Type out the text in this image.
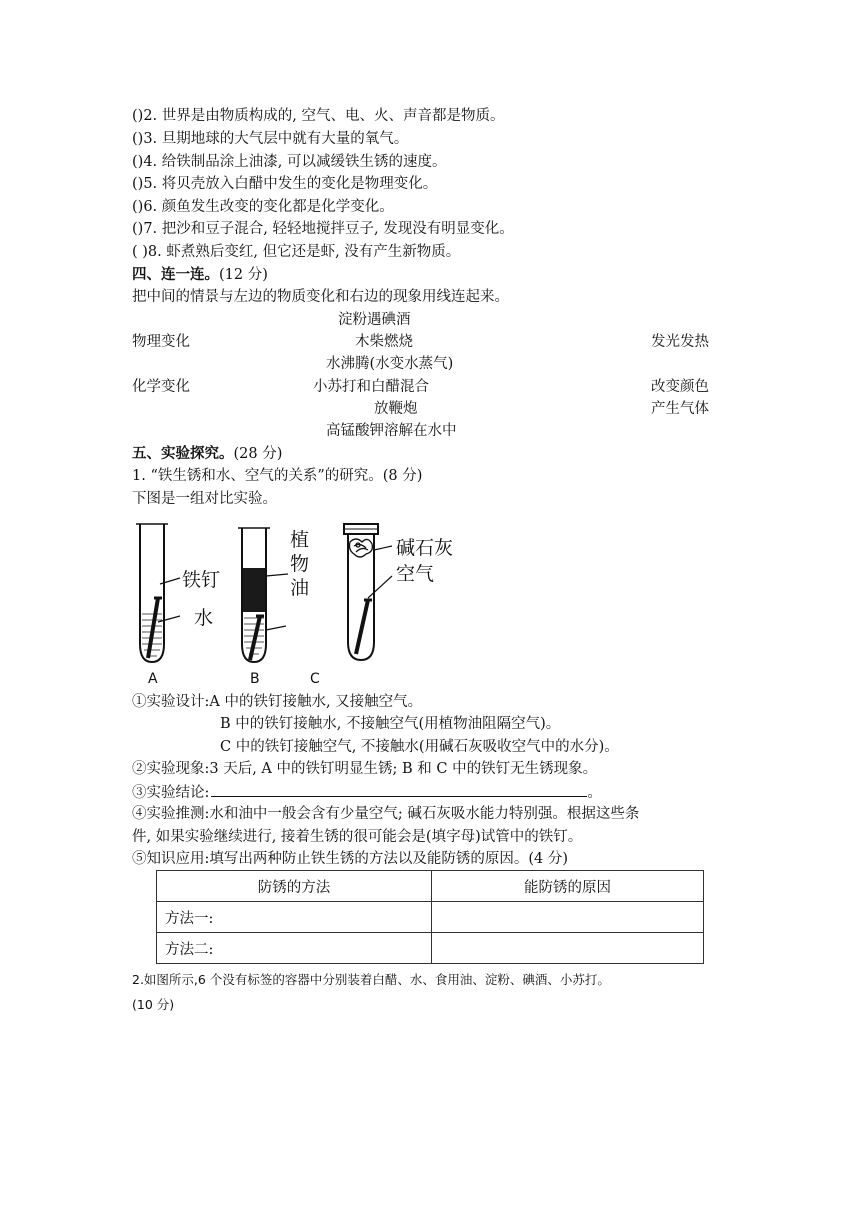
()2. 世界是由物质构成的, 空气、电、火、声音都是物质。
()3. 旦期地球的大气层中就有大量的氧气。
()4. 给铁制品涂上油漆, 可以减缓铁生锈的速度。
()5. 将贝壳放入白醋中发生的变化是物理变化。
()6. 颜鱼发生改变的变化都是化学变化。
()7. 把沙和豆子混合, 轻轻地搅拌豆子, 发现没有明显变化。
( )8. 虾煮熟后变红, 但它还是虾, 没有产生新物质。
四、连一连。(12 分)
把中间的情景与左边的物质变化和右边的现象用线连起来。
淀粉遇碘酒
物理变化	木柴燃烧	发光发热
水沸腾(水变水蒸气)
化学变化	小苏打和白醋混合	改变颜色
放鞭炮	产生气体
高锰酸钾溶解在水中
五、实验探究。(28 分)
1. “铁生锈和水、空气的关系”的研究。(8 分)
下图是一组对比实验。
铁钉
水
植
物
油
碱石灰
空气
A	B	C
①实验设计:A 中的铁钉接触水, 又接触空气。
B 中的铁钉接触水, 不接触空气(用植物油阻隔空气)。
C 中的铁钉接触空气, 不接触水(用碱石灰吸收空气中的水分)。
②实验现象:3 天后, A 中的铁钉明显生锈; B 和 C 中的铁钉无生锈现象。
③实验结论:	。
④实验推测:水和油中一般会含有少量空气; 碱石灰吸水能力特别强。根据这些条
件, 如果实验继续进行, 接着生锈的很可能会是(填字母)试管中的铁钉。
⑤知识应用:填写出两种防止铁生锈的方法以及能防锈的原因。(4 分)
防锈的方法	能防锈的原因
方法一:	
方法二:	
2.如图所示,6 个没有标签的容器中分别装着白醋、水、食用油、淀粉、碘酒、小苏打。
(10 分)
